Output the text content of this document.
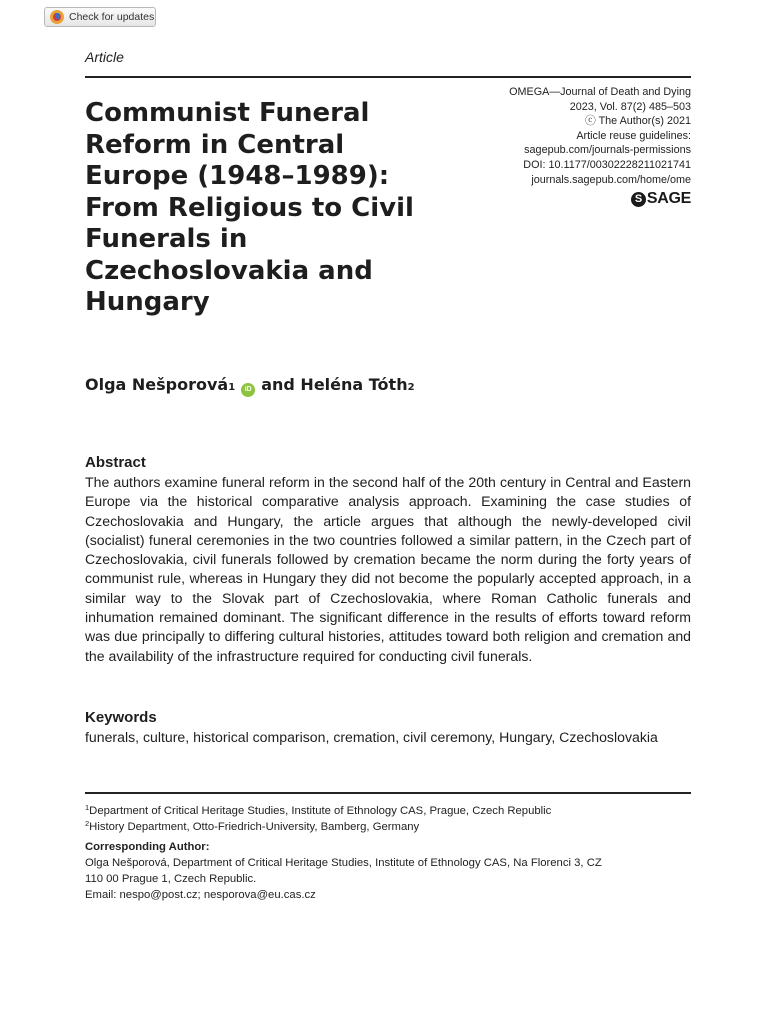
Check for updates
Article
Communist Funeral
Reform in Central
Europe (1948–1989):
From Religious to Civil
Funerals in
Czechoslovakia and
Hungary
OMEGA—Journal of Death and Dying
2023, Vol. 87(2) 485–503
ⓒ The Author(s) 2021
Article reuse guidelines:
sagepub.com/journals-permissions
DOI: 10.1177/00302228211021741
journals.sagepub.com/home/ome
S SAGE
Olga Nešporová 1	iD and
Heléna Tóth 2
Abstract

The authors examine funeral reform in the second half of the 20th century in Central and Eastern Europe via the historical comparative analysis approach. Examining the case studies of Czechoslovakia and Hungary, the article argues that although the newly-developed civil (socialist) funeral ceremonies in the two countries followed a similar pattern, in the Czech part of Czechoslovakia, civil funerals followed by cremation became the norm during the forty years of communist rule, whereas in Hungary they did not become the popularly accepted approach, in a similar way to the Slovak part of Czechoslovakia, where Roman Catholic funerals and inhumation remained dominant. The significant difference in the results of efforts toward reform was due principally to differing cultural histories, attitudes toward both religion and cremation and the availability of the infrastructure required for conducting civil funerals.

Keywords

funerals, culture, historical comparison, cremation, civil ceremony, Hungary, Czechoslovakia

$^1$Department of Critical Heritage Studies, Institute of Ethnology CAS, Prague, Czech Republic
$^2$History Department, Otto-Friedrich-University, Bamberg, Germany
Corresponding Author:
Olga Nešporová, Department of Critical Heritage Studies, Institute of Ethnology CAS, Na Florenci 3, CZ
110 00 Prague 1, Czech Republic.
Email: nespo@post.cz; nesporova@eu.cas.cz
